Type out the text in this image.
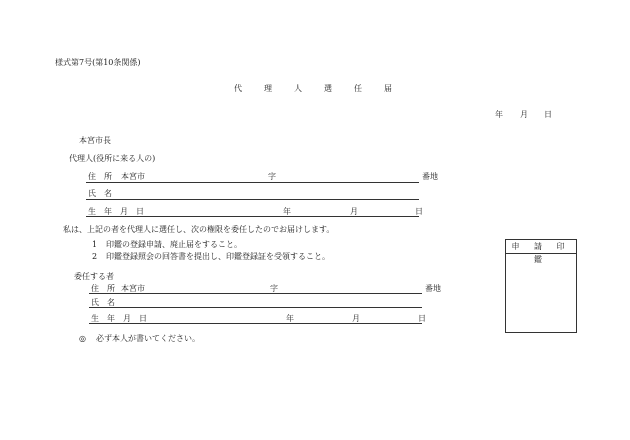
様式第7号(第10条関係)
代	理	人	選	任	届
年 月 日
本宮市長
代理人(役所に来る人の)
住　所 本宮市	字	番地
氏　名
生　年　月　日	年	月	日
私は、上記の者を代理人に選任し、次の権限を委任したのでお届けします。
1 印鑑の登録申請、廃止届をすること。
2 印鑑登録照会の回答書を提出し、印鑑登録証を受領すること。
申 請 印 鑑
委任する者
住　所 本宮市	字	番地
氏　名
生　年　月　日	年	月	日
◎ 必ず本人が書いてください。
